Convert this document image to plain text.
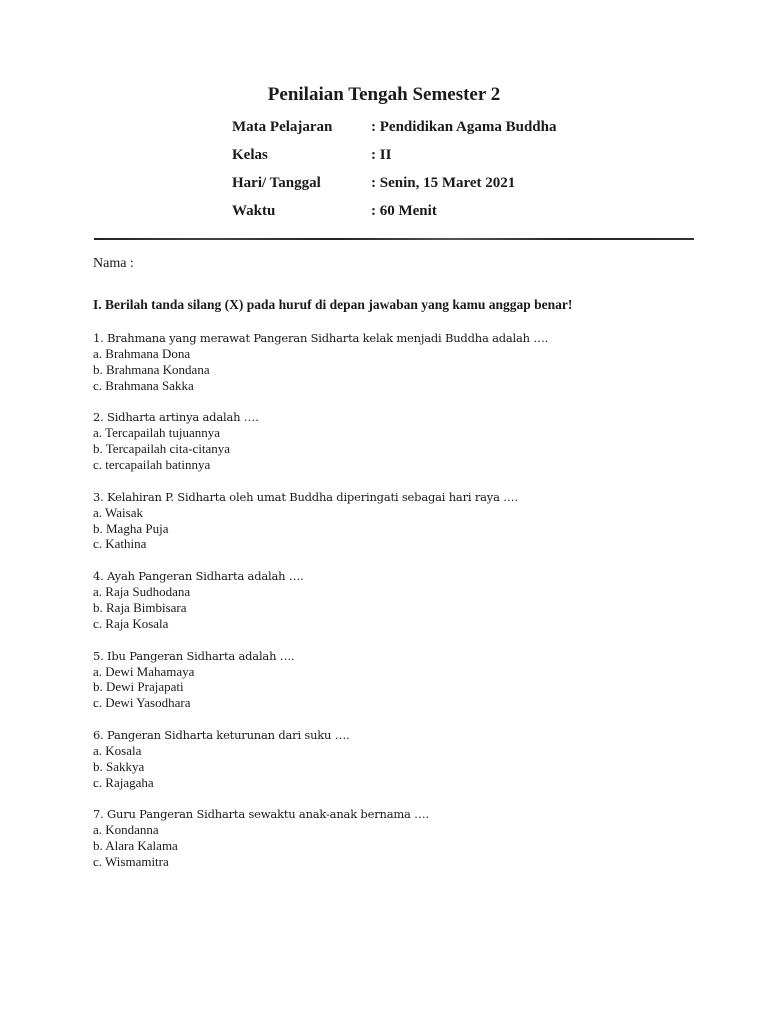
Penilaian Tengah Semester 2
Mata Pelajaran	: Pendidikan Agama Buddha
Kelas	: II
Hari/ Tanggal	: Senin, 15 Maret 2021
Waktu	: 60 Menit
Nama :
I. Berilah tanda silang (X) pada huruf di depan jawaban yang kamu anggap benar!
1. Brahmana yang merawat Pangeran Sidharta kelak menjadi Buddha adalah ….
a. Brahmana Dona
b. Brahmana Kondana
c. Brahmana Sakka
2. Sidharta artinya adalah ….
a. Tercapailah tujuannya
b. Tercapailah cita-citanya
c. tercapailah batinnya
3. Kelahiran P. Sidharta oleh umat Buddha diperingati sebagai hari raya ….
a. Waisak
b. Magha Puja
c. Kathina
4. Ayah Pangeran Sidharta adalah ….
a. Raja Sudhodana
b. Raja Bimbisara
c. Raja Kosala
5. Ibu Pangeran Sidharta adalah ….
a. Dewi Mahamaya
b. Dewi Prajapati
c. Dewi Yasodhara
6. Pangeran Sidharta keturunan dari suku ….
a. Kosala
b. Sakkya
c. Rajagaha
7. Guru Pangeran Sidharta sewaktu anak-anak bernama ….
a. Kondanna
b. Alara Kalama
c. Wismamitra
